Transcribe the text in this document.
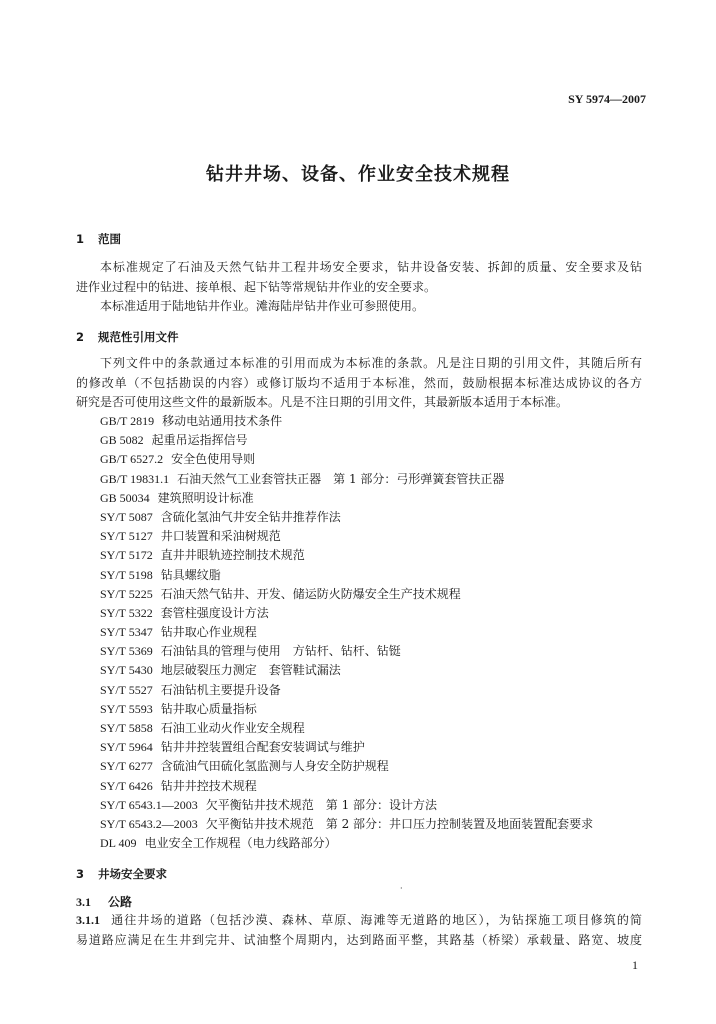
SY 5974—2007
钻井井场、设备、作业安全技术规程
1 范围

本标准规定了石油及天然气钻井工程井场安全要求，钻井设备安装、拆卸的质量、安全要求及钻

进作业过程中的钻进、接单根、起下钻等常规钻井作业的安全要求。

本标准适用于陆地钻井作业。滩海陆岸钻井作业可参照使用。

2 规范性引用文件

下列文件中的条款通过本标准的引用而成为本标准的条款。凡是注日期的引用文件，其随后所有

的修改单（不包括勘误的内容）或修订版均不适用于本标准，然而，鼓励根据本标准达成协议的各方

研究是否可使用这些文件的最新版本。凡是不注日期的引用文件，其最新版本适用于本标准。

GB/T 2819 移动电站通用技术条件
GB 5082 起重吊运指挥信号
GB/T 6527.2 安全色使用导则
GB/T 19831.1 石油天然气工业套管扶正器　第 1 部分：弓形弹簧套管扶正器
GB 50034 建筑照明设计标准
SY/T 5087 含硫化氢油气井安全钻井推荐作法
SY/T 5127 井口装置和采油树规范
SY/T 5172 直井井眼轨迹控制技术规范
SY/T 5198 钻具螺纹脂
SY/T 5225 石油天然气钻井、开发、储运防火防爆安全生产技术规程
SY/T 5322 套管柱强度设计方法
SY/T 5347 钻井取心作业规程
SY/T 5369 石油钻具的管理与使用　方钻杆、钻杆、钻铤
SY/T 5430 地层破裂压力测定　套管鞋试漏法
SY/T 5527 石油钻机主要提升设备
SY/T 5593 钻井取心质量指标
SY/T 5858 石油工业动火作业安全规程
SY/T 5964 钻井井控装置组合配套安装调试与维护
SY/T 6277 含硫油气田硫化氢监测与人身安全防护规程
SY/T 6426 钻井井控技术规程
SY/T 6543.1—2003 欠平衡钻井技术规范　第 1 部分：设计方法
SY/T 6543.2—2003 欠平衡钻井技术规范　第 2 部分：井口压力控制装置及地面装置配套要求
DL 409 电业安全工作规程（电力线路部分）
3 井场安全要求
·
3.1 公路

3.1.1 通往井场的道路（包括沙漠、森林、草原、海滩等无道路的地区），为钻探施工项目修筑的简

易道路应满足在生井到完井、试油整个周期内，达到路面平整，其路基（桥梁）承载量、路宽、坡度

1
